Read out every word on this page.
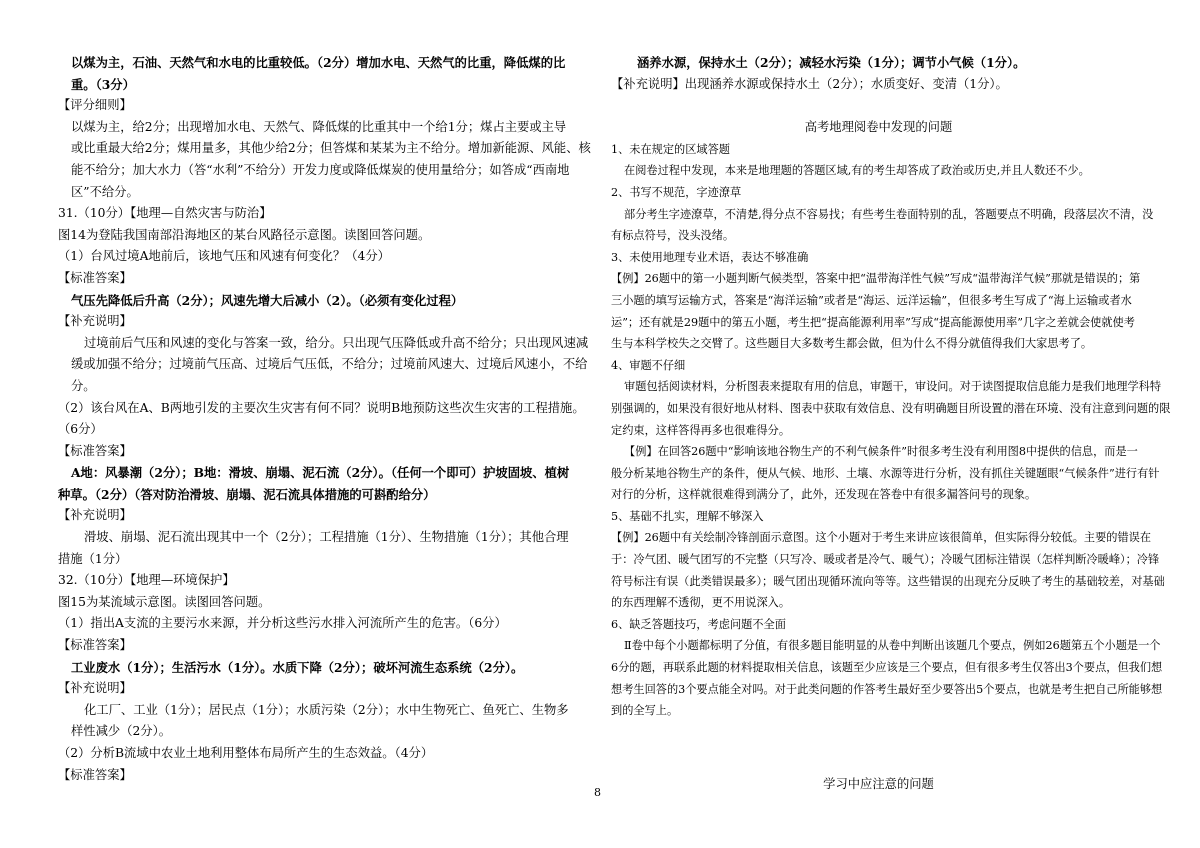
以煤为主，石油、天然气和水电的比重较低。（2分）增加水电、天然气的比重，降低煤的比

重。（3分）

【评分细则】

以煤为主，给2分；出现增加水电、天然气、降低煤的比重其中一个给1分；煤占主要或主导

或比重最大给2分；煤用量多，其他少给2分；但答煤和某某为主不给分。增加新能源、风能、核

能不给分；加大水力（答“水利”不给分）开发力度或降低煤炭的使用量给分；如答成“西南地

区”不给分。

31.（10分）【地理—自然灾害与防治】

图14为登陆我国南部沿海地区的某台风路径示意图。读图回答问题。

（1）台风过境A地前后，该地气压和风速有何变化？（4分）

【标准答案】

气压先降低后升高（2分）；风速先增大后减小（2）。（必须有变化过程）

【补充说明】

过境前后气压和风速的变化与答案一致，给分。只出现气压降低或升高不给分；只出现风速减

缓或加强不给分；过境前气压高、过境后气压低，不给分；过境前风速大、过境后风速小，不给

分。

（2）该台风在A、B两地引发的主要次生灾害有何不同？说明B地预防这些次生灾害的工程措施。

（6分）

【标准答案】

A地：风暴潮（2分）；B地：滑坡、崩塌、泥石流（2分）。（任何一个即可）护坡固坡、植树

种草。（2分）（答对防治滑坡、崩塌、泥石流具体措施的可斟酌给分）

【补充说明】

滑坡、崩塌、泥石流出现其中一个（2分）；工程措施（1分）、生物措施（1分）；其他合理

措施（1分）

32.（10分）【地理—环境保护】

图15为某流域示意图。读图回答问题。

（1）指出A支流的主要污水来源，并分析这些污水排入河流所产生的危害。（6分）

【标准答案】

工业废水（1分）；生活污水（1分）。水质下降（2分）；破坏河流生态系统（2分）。

【补充说明】

化工厂、工业（1分）；居民点（1分）；水质污染（2分）；水中生物死亡、鱼死亡、生物多

样性减少（2分）。

（2）分析B流域中农业土地利用整体布局所产生的生态效益。（4分）

【标准答案】

涵养水源，保持水土（2分）；减轻水污染（1分）；调节小气候（1分）。

【补充说明】出现涵养水源或保持水土（2分）；水质变好、变清（1分）。

高考地理阅卷中发现的问题

1、未在规定的区域答题

在阅卷过程中发现，本来是地理题的答题区域,有的考生却答成了政治或历史,并且人数还不少。

2、书写不规范，字迹潦草

部分考生字迹潦草，不清楚,得分点不容易找；有些考生卷面特别的乱，答题要点不明确，段落层次不清，没

有标点符号，没头没绪。

3、未使用地理专业术语，表达不够准确

【例】26题中的第一小题判断气候类型，答案中把“温带海洋性气候”写成“温带海洋气候”那就是错误的；第

三小题的填写运输方式，答案是“海洋运输”或者是“海运、远洋运输”，但很多考生写成了“海上运输或者水

运”；还有就是29题中的第五小题，考生把“提高能源利用率”写成“提高能源使用率”几字之差就会使就使考

生与本科学校失之交臂了。这些题目大多数考生都会做，但为什么不得分就值得我们大家思考了。

4、审题不仔细

审题包括阅读材料，分析图表来提取有用的信息，审题干，审设问。对于读图提取信息能力是我们地理学科特

别强调的，如果没有很好地从材料、图表中获取有效信息、没有明确题目所设置的潜在环境、没有注意到问题的限

定约束，这样答得再多也很难得分。

【例】在回答26题中“影响该地谷物生产的不利气候条件”时很多考生没有利用图8中提供的信息，而是一

般分析某地谷物生产的条件，便从气候、地形、土壤、水源等进行分析，没有抓住关键题眼“气候条件”进行有针

对行的分析，这样就很难得到满分了，此外，还发现在答卷中有很多漏答问号的现象。

5、基础不扎实，理解不够深入

【例】26题中有关绘制冷锋剖面示意图。这个小题对于考生来讲应该很简单，但实际得分较低。主要的错误在

于：冷气团、暖气团写的不完整（只写冷、暖或者是冷气、暖气）；冷暖气团标注错误（怎样判断冷暖峰）；冷锋

符号标注有误（此类错误最多）；暖气团出现循环流向等等。这些错误的出现充分反映了考生的基础较差，对基础

的东西理解不透彻，更不用说深入。

6、缺乏答题技巧，考虑问题不全面

Ⅱ卷中每个小题都标明了分值，有很多题目能明显的从卷中判断出该题几个要点，例如26题第五个小题是一个

6分的题，再联系此题的材料提取相关信息，该题至少应该是三个要点，但有很多考生仅答出3个要点，但我们想

想考生回答的3个要点能全对吗。对于此类问题的作答考生最好至少要答出5个要点，也就是考生把自己所能够想

到的全写上。

学习中应注意的问题

8
